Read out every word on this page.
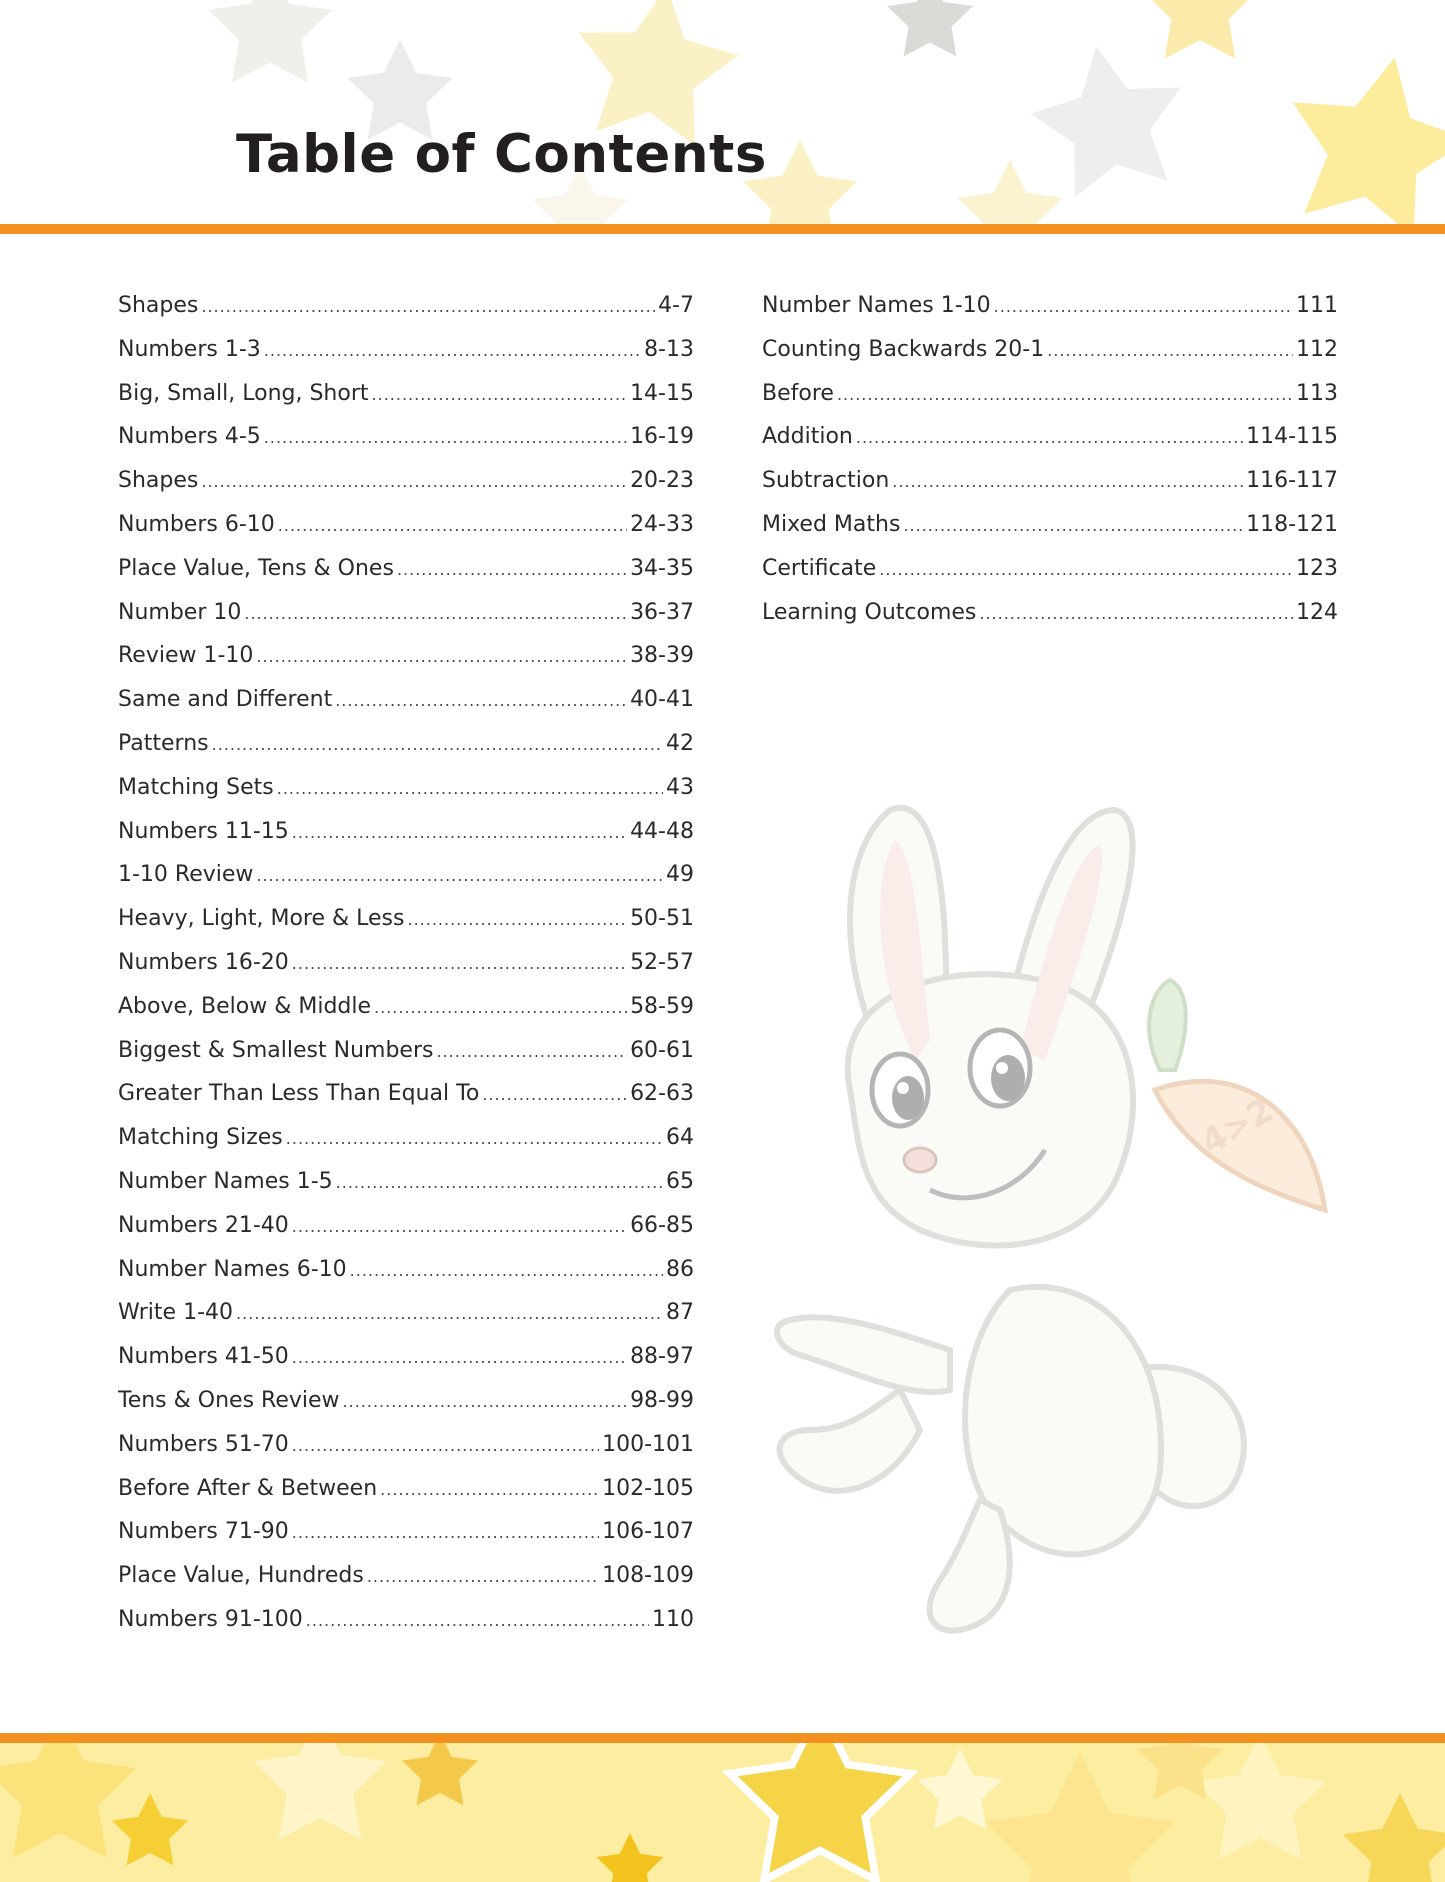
Table of Contents
Shapes .....	4-7
Numbers 1-3 .....	8-13
Big, Small, Long, Short .....	14-15
Numbers 4-5 .....	16-19
Shapes .....	20-23
Numbers 6-10 .....	24-33
Place Value, Tens & Ones .....	34-35
Number 10 .....	36-37
Review 1-10 .....	38-39
Same and Different .....	40-41
Patterns .....	42
Matching Sets .....	43
Numbers 11-15 .....	44-48
1-10 Review .....	49
Heavy, Light, More & Less .....	50-51
Numbers 16-20 .....	52-57
Above, Below & Middle .....	58-59
Biggest & Smallest Numbers .....	60-61
Greater Than Less Than Equal To .....	62-63
Matching Sizes .....	64
Number Names 1-5 .....	65
Numbers 21-40 .....	66-85
Number Names 6-10 .....	86
Write 1-40 .....	87
Numbers 41-50 .....	88-97
Tens & Ones Review .....	98-99
Numbers 51-70 .....	100-101
Before After & Between .....	102-105
Numbers 71-90 .....	106-107
Place Value, Hundreds .....	108-109
Numbers 91-100 .....	110
Number Names 1-10 .....	111
Counting Backwards 20-1 .....	112
Before .....	113
Addition .....	114-115
Subtraction .....	116-117
Mixed Maths .....	118-121
Certificate .....	123
Learning Outcomes .....	124
4>2
